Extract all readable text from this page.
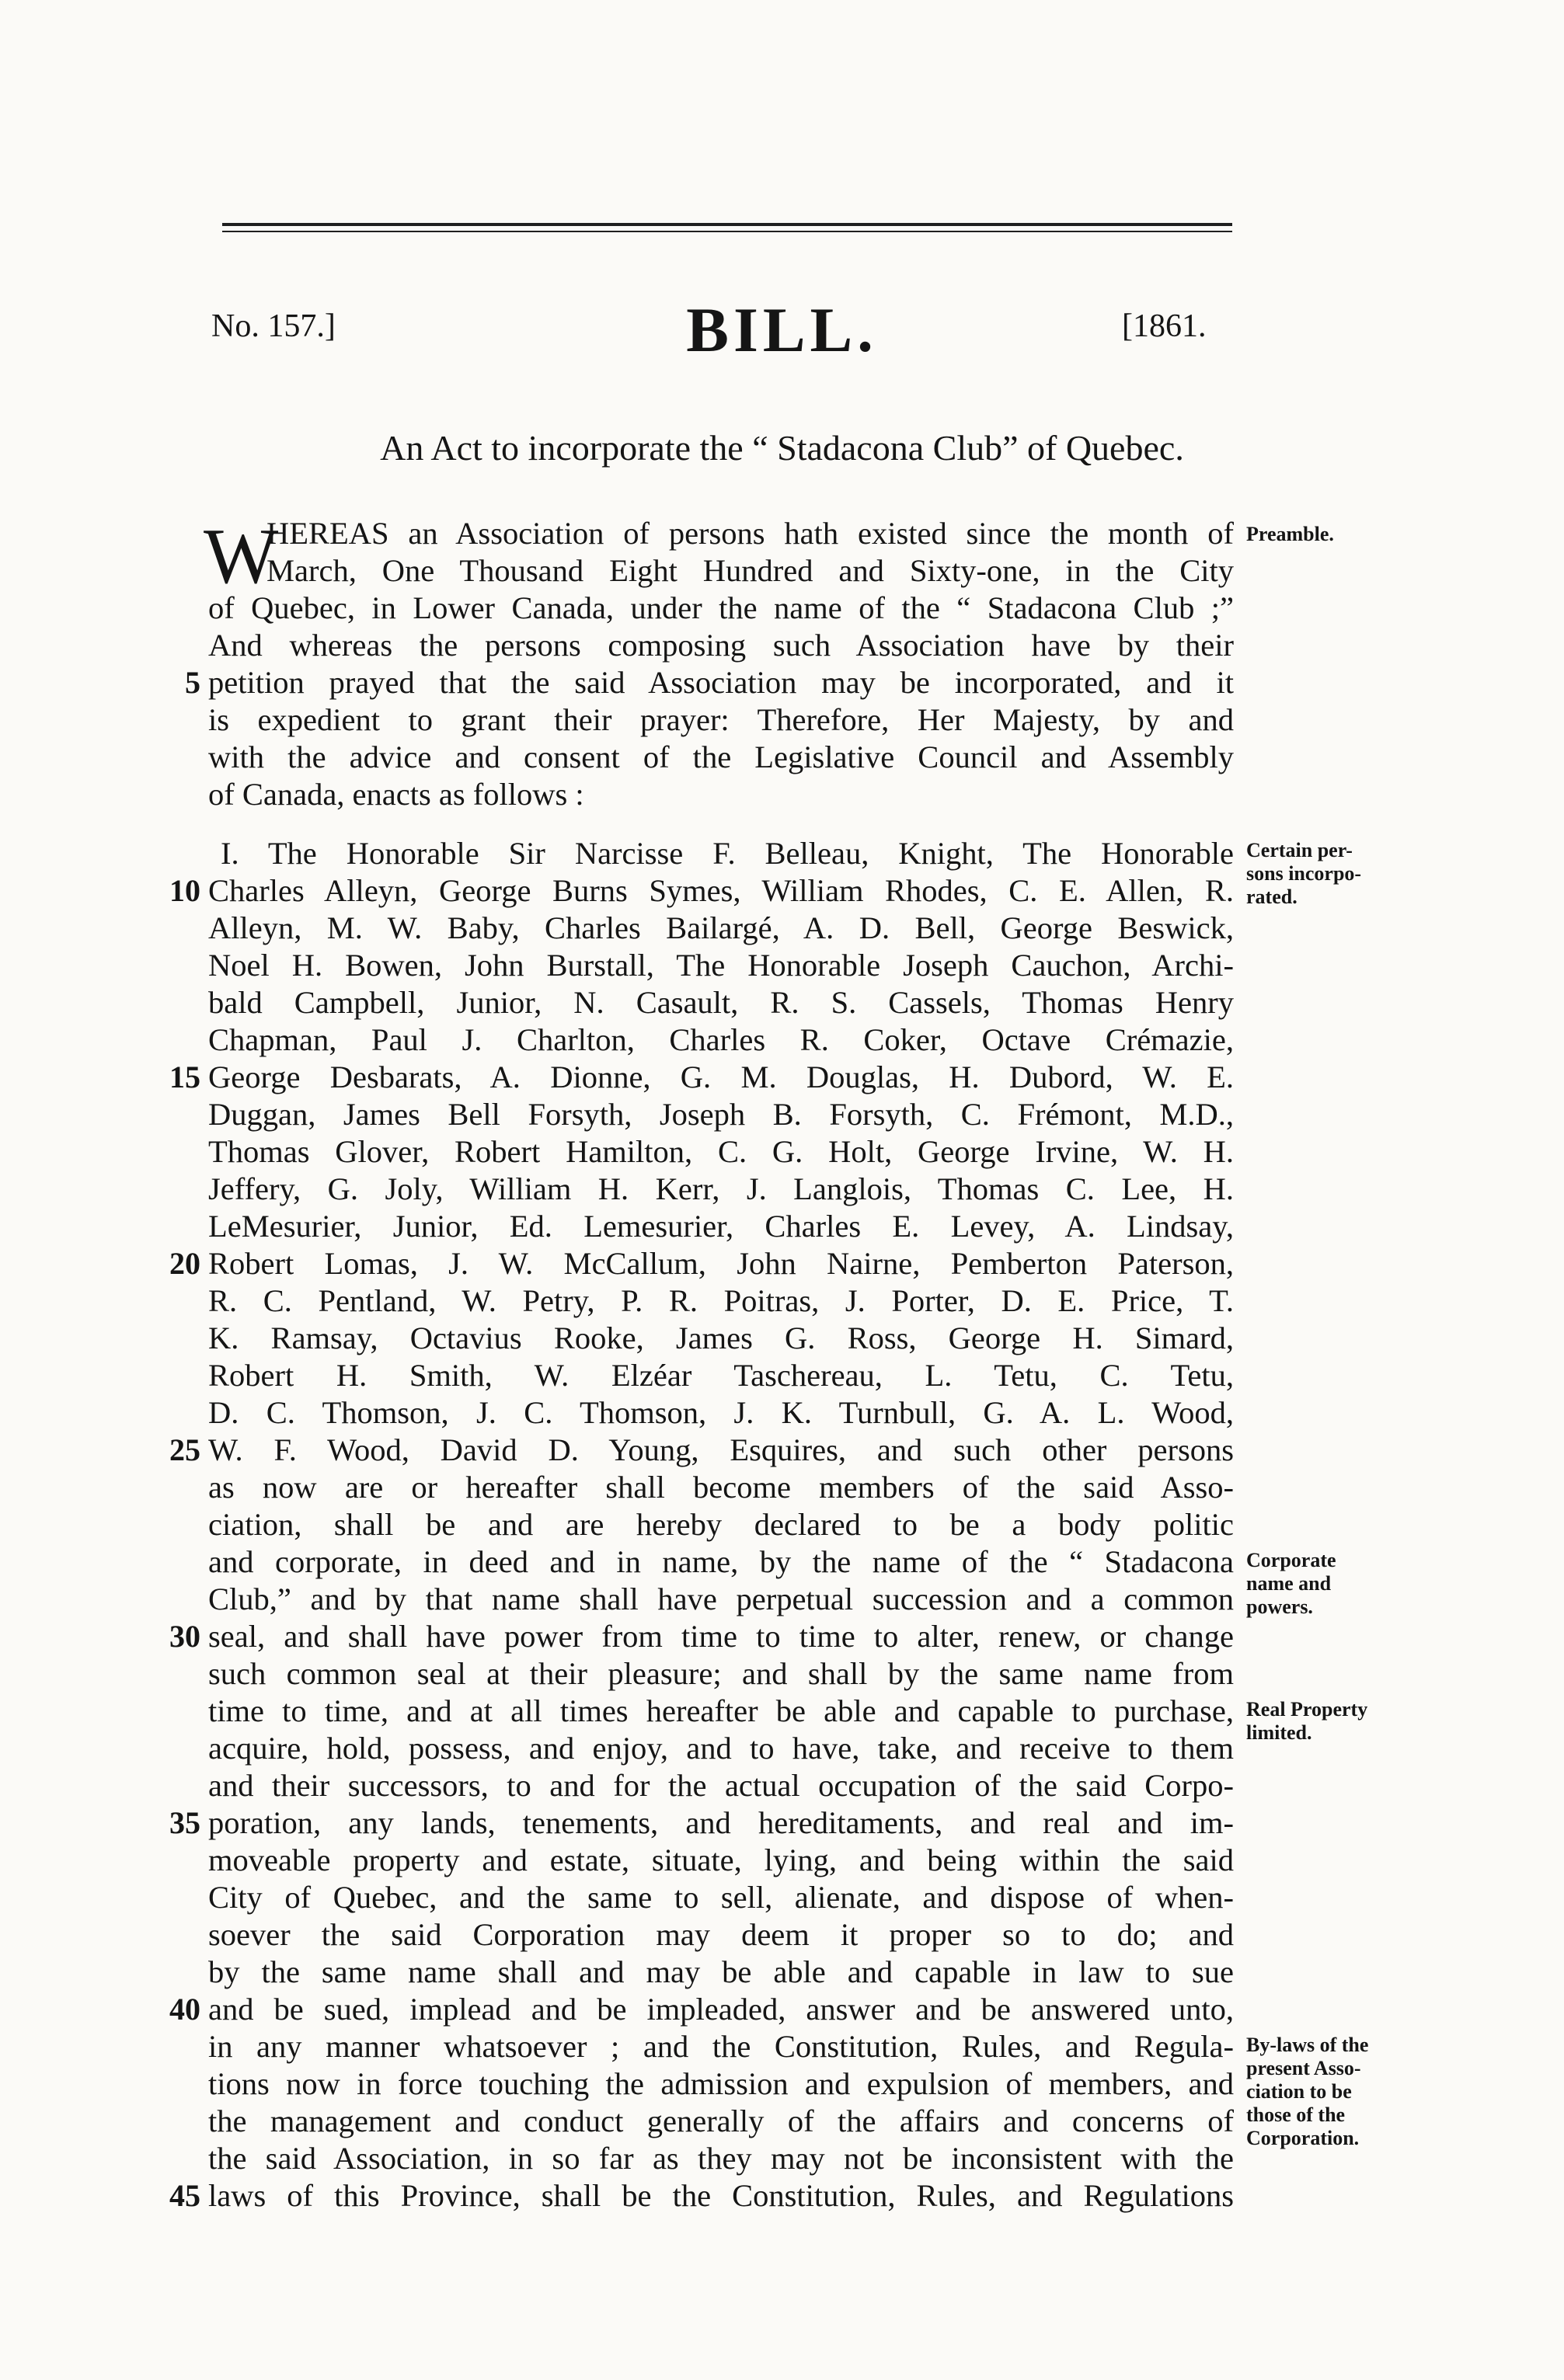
No. 157.]	BILL.	[1861.
An Act to incorporate the “ Stadacona Club” of Quebec.
W
HEREAS an Association of persons hath existed since the month of
March, One Thousand Eight Hundred and Sixty-one, in the City
of Quebec, in Lower Canada, under the name of the “ Stadacona Club ;”
And whereas the persons composing such Association have by their
petition prayed that the said Association may be incorporated, and it
is expedient to grant their prayer: Therefore, Her Majesty, by and
with the advice and consent of the Legislative Council and Assembly
of Canada, enacts as follows :
I. The Honorable Sir Narcisse F. Belleau, Knight, The Honorable
Charles Alleyn, George Burns Symes, William Rhodes, C. E. Allen, R.
Alleyn, M. W. Baby, Charles Bailargé, A. D. Bell, George Beswick,
Noel H. Bowen, John Burstall, The Honorable Joseph Cauchon, Archi-
bald Campbell, Junior, N. Casault, R. S. Cassels, Thomas Henry
Chapman, Paul J. Charlton, Charles R. Coker, Octave Crémazie,
George Desbarats, A. Dionne, G. M. Douglas, H. Dubord, W. E.
Duggan, James Bell Forsyth, Joseph B. Forsyth, C. Frémont, M.D.,
Thomas Glover, Robert Hamilton, C. G. Holt, George Irvine, W. H.
Jeffery, G. Joly, William H. Kerr, J. Langlois, Thomas C. Lee, H.
LeMesurier, Junior, Ed. Lemesurier, Charles E. Levey, A. Lindsay,
Robert Lomas, J. W. McCallum, John Nairne, Pemberton Paterson,
R. C. Pentland, W. Petry, P. R. Poitras, J. Porter, D. E. Price, T.
K. Ramsay, Octavius Rooke, James G. Ross, George H. Simard,
Robert H. Smith, W. Elzéar Taschereau, L. Tetu, C. Tetu,
D. C. Thomson, J. C. Thomson, J. K. Turnbull, G. A. L. Wood,
W. F. Wood, David D. Young, Esquires, and such other persons
as now are or hereafter shall become members of the said Asso-
ciation, shall be and are hereby declared to be a body politic
and corporate, in deed and in name, by the name of the “ Stadacona
Club,” and by that name shall have perpetual succession and a common
seal, and shall have power from time to time to alter, renew, or change
such common seal at their pleasure; and shall by the same name from
time to time, and at all times hereafter be able and capable to purchase,
acquire, hold, possess, and enjoy, and to have, take, and receive to them
and their successors, to and for the actual occupation of the said Corpo-
poration, any lands, tenements, and hereditaments, and real and im-
moveable property and estate, situate, lying, and being within the said
City of Quebec, and the same to sell, alienate, and dispose of when-
soever the said Corporation may deem it proper so to do; and
by the same name shall and may be able and capable in law to sue
and be sued, implead and be impleaded, answer and be answered unto,
in any manner whatsoever ; and the Constitution, Rules, and Regula-
tions now in force touching the admission and expulsion of members, and
the management and conduct generally of the affairs and concerns of
the said Association, in so far as they may not be inconsistent with the
laws of this Province, shall be the Constitution, Rules, and Regulations
5
10
15
20
25
30
35
40
45
Preamble.
Certain per-
sons incorpo-
rated.
Corporate
name and
powers.
Real Property
limited.
By-laws of the
present Asso-
ciation to be
those of the
Corporation.
